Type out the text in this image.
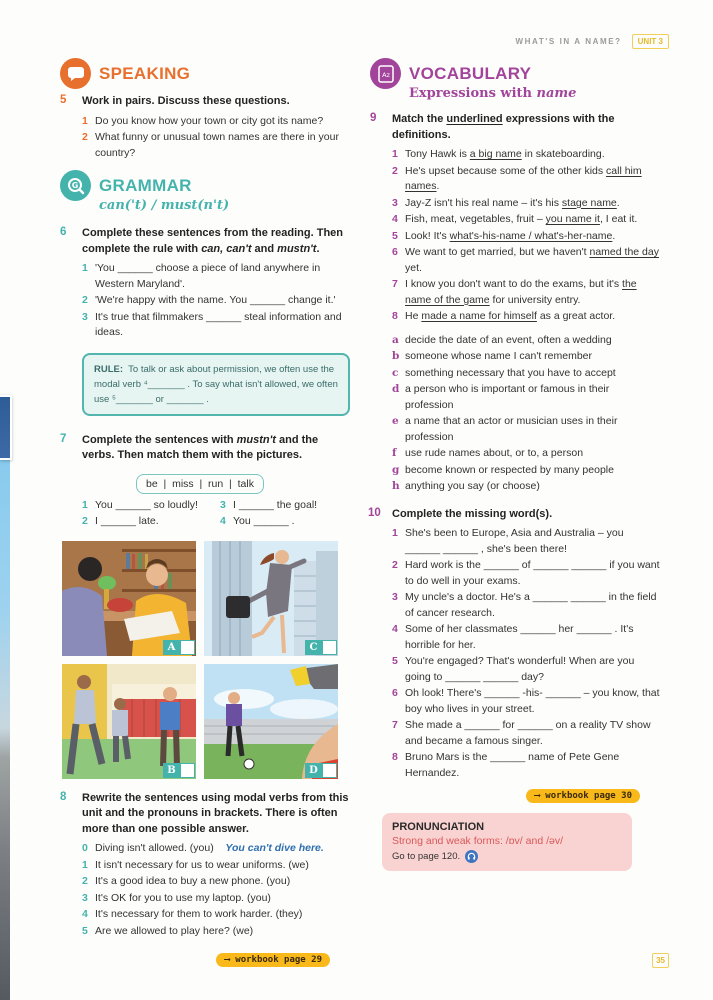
WHAT'S IN A NAME?	UNIT 3
SPEAKING
5	Work in pairs. Discuss these questions.
1 Do you know how your town or city got its name?
2 What funny or unusual town names are there in your country?
G GRAMMAR
can('t) / must(n't)
6	Complete these sentences from the reading. Then complete the rule with can, can't and mustn't.
1 'You ______ choose a piece of land anywhere in Western Maryland'.
2 'We're happy with the name. You ______ change it.'
3 It's true that filmmakers ______ steal information and ideas.
RULE: To talk or ask about permission, we often use the modal verb ⁴_______ . To say what isn't allowed, we often use ⁵_______ or _______ .
7	Complete the sentences with mustn't and the verbs. Then match them with the pictures.
be  |  miss  |  run  |  talk
1 You ______ so loudly! 3 I ______ the goal!
2 I ______ late.	4 You ______ .
A	C
B	D
8	Rewrite the sentences using modal verbs from this unit and the pronouns in brackets. There is often more than one possible answer.
0 Diving isn't allowed. (you)
You can't dive here.
1 It isn't necessary for us to wear uniforms. (we)
2 It's a good idea to buy a new phone. (you)
3 It's OK for you to use my laptop. (you)
4 It's necessary for them to work harder. (they)
5 Are we allowed to play here? (we)
⟶ workbook page 29
Az VOCABULARY
Expressions with name
9	Match the underlined expressions with the definitions.
1 Tony Hawk is a big name in skateboarding.
2 He's upset because some of the other kids call him names.
3 Jay-Z isn't his real name – it's his stage name.
4 Fish, meat, vegetables, fruit – you name it, I eat it.
5 Look! It's what's-his-name / what's-her-name.
6 We want to get married, but we haven't named the day yet.
7 I know you don't want to do the exams, but it's the name of the game for university entry.
8 He made a name for himself as a great actor.
a decide the date of an event, often a wedding
b someone whose name I can't remember
c something necessary that you have to accept
d a person who is important or famous in their profession
e a name that an actor or musician uses in their profession
f use rude names about, or to, a person
g become known or respected by many people
h anything you say (or choose)
10	Complete the missing word(s).
1 She's been to Europe, Asia and Australia – you ______ ______ , she's been there!
2 Hard work is the ______ of ______ ______ if you want to do well in your exams.
3 My uncle's a doctor. He's a ______ ______ in the field of cancer research.
4 Some of her classmates ______ her ______ . It's horrible for her.
5 You're engaged? That's wonderful! When are you going to ______ ______ day?
6 Oh look! There's ______ -his- ______ – you know, that boy who lives in your street.
7 She made a ______ for ______ on a reality TV show and became a famous singer.
8 Bruno Mars is the ______ name of Pete Gene Hernandez.
⟶ workbook page 30
PRONUNCIATION
Strong and weak forms: /ɒv/ and /əv/
Go to page 120.
35
